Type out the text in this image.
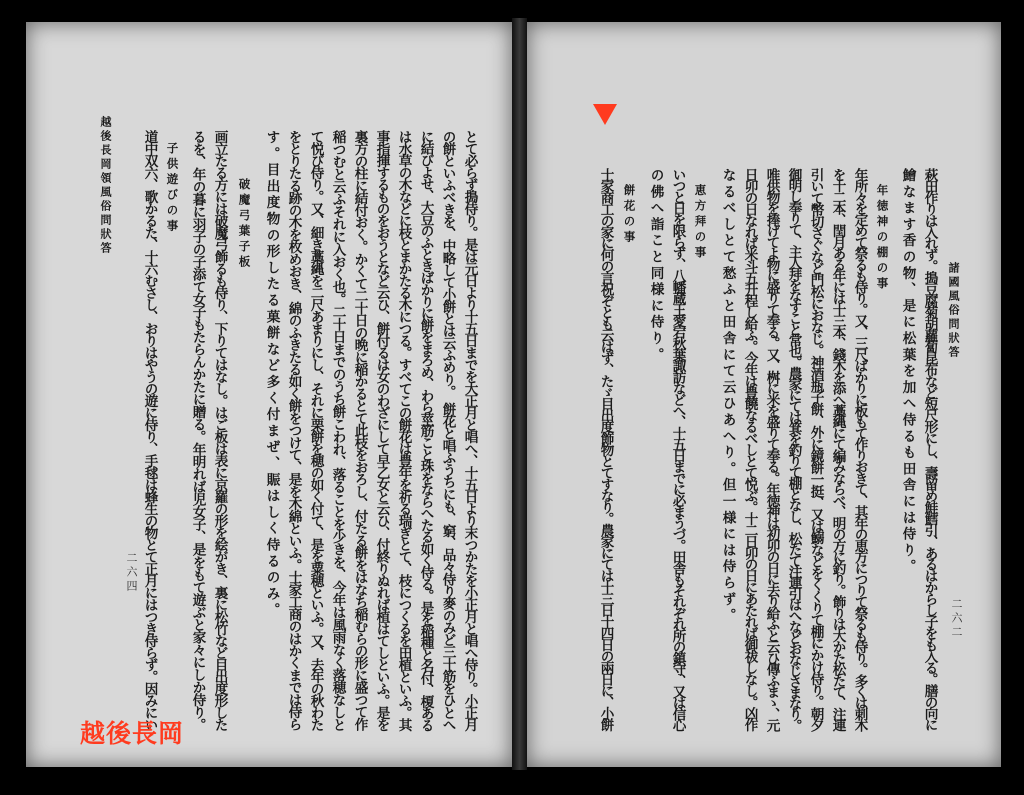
二六四
越後長岡領風俗問狀答	とて必らず搗侍り。是は元日より十五日までを大正月と唱へ、十五日より末つかたを小正月と唱へ侍り。小正月
の餅といふべきを、中略して小餅とは云ふめり。　餅花と唱ふうちにも、窮、品々侍り麥のみど三十筋をひとへ
に結びよせ、大豆のふときばかりに餅をまろめ、わら莖筋こと珠をならへたる如く侍る。是を稲種と名付、榎ある
は水草の木などに枝とまかたる木につる。すべてこの餅花は豊年を祈る瑞ぎとて、枝につくるを田植といふ。其
事指揮するものをおうとなど云ひ、餅付るは女のわざにして早乙女と云ひ、付終りぬれば植はてしといふ。是を
裏方の柱に結付おく。かくて二十日の晩に稲かるとて此枝をおろし、付たる餅をはなち稲むらの形に盛つて作
稲つむと云ふそれに入おく也。二十日までのうち餅こわれ、落ることを少きを、今年は風雨なく落穂なしと
て悦び侍り。又、細き藁縄を二尺あまりにし、それに栗餅を穂の如く付て、是を粟穂といふ。又、去年の秋わた
をとりたる跡の木を枚めおき、綿のふきたる如く餅をつけて、是を木綿といふ。士家工商のはかくまでは侍ら
す。目出度物の形したる菓餅など多く付まぜ、賑はしく侍るのみ。
破魔弓葉子板
画立たる方には破魔弓飾るも侍り、下りてはなし。はご板は表に京羅の形を絵がき、裏に松竹など目出度形した
るを、年の暮に羽子の子添て女子もたらんかたに贈る。年明れば児女子、是をもて遊ぶと家々にしか侍り。
子供遊びの事
道中双六、歌かるた、十六むさし、おりはやうの遊に侍り、手毬は蜂生の物とて正月にはつき侍らず。因みにい	二六二
諸國風俗問狀答
萩田作りは入れず。搗豆腐菊胡蘿蔔昆布など短尺形にし、壽留め鮭鱈引、あるはからし子をも入る。膳の向に
鱠なます香の物、是に松葉を加へ侍るも田舎には侍り。
年徳神の棚の事
年所々を定めて祭るも侍り。又、三尺ばかりに板もて作りおきて、其年の恵方につりて祭るも侍り。多くは刺木
を十二本、閏月ある年には十三本、錢木を添へ藁縄にて編みならべ、明の方に釣り。飾りは大かた松たて、注連
引いて幣切さぐなど門松におなじ。神酒瓶子餅、外に鏡餅一挺、又は鰯などをくくりて棚にかけ侍り。朝夕
御明し奉りて、主人拜をなすこと常也。農家にては箕を釣りて棚となし、松たて注連引はへなどおなじさまなり。
唯供物を捧げてよ物に盛りて奉る。又、桝に米を盛りて奉る。年徳神は初卯の日に去り給ふと云ひ傳ふまゝ、元
日卯の日なれば米斗五升程し給ふ。今年は豊饒なるべしとて悦ぶ。十二日卯の日にあたれば御祓しなし。凶作
なるべしとて愁ふと田舎にて云ひあへり。但一様には侍らず。
恵方拜の事
いつと日を限らず、八幡蔵王愛宕秋葉諏訪などへ、十五日までに必まうづ。田舎もそれぞれ所の鎮守、又は信心
の佛へ詣こと同様に侍り。
餅花の事
士家商工の家に何の言祝ぞとも云はず、たゞ目出度飾物とてすなり。農家にては十三日十四日の兩日に、小餅
越後長岡
